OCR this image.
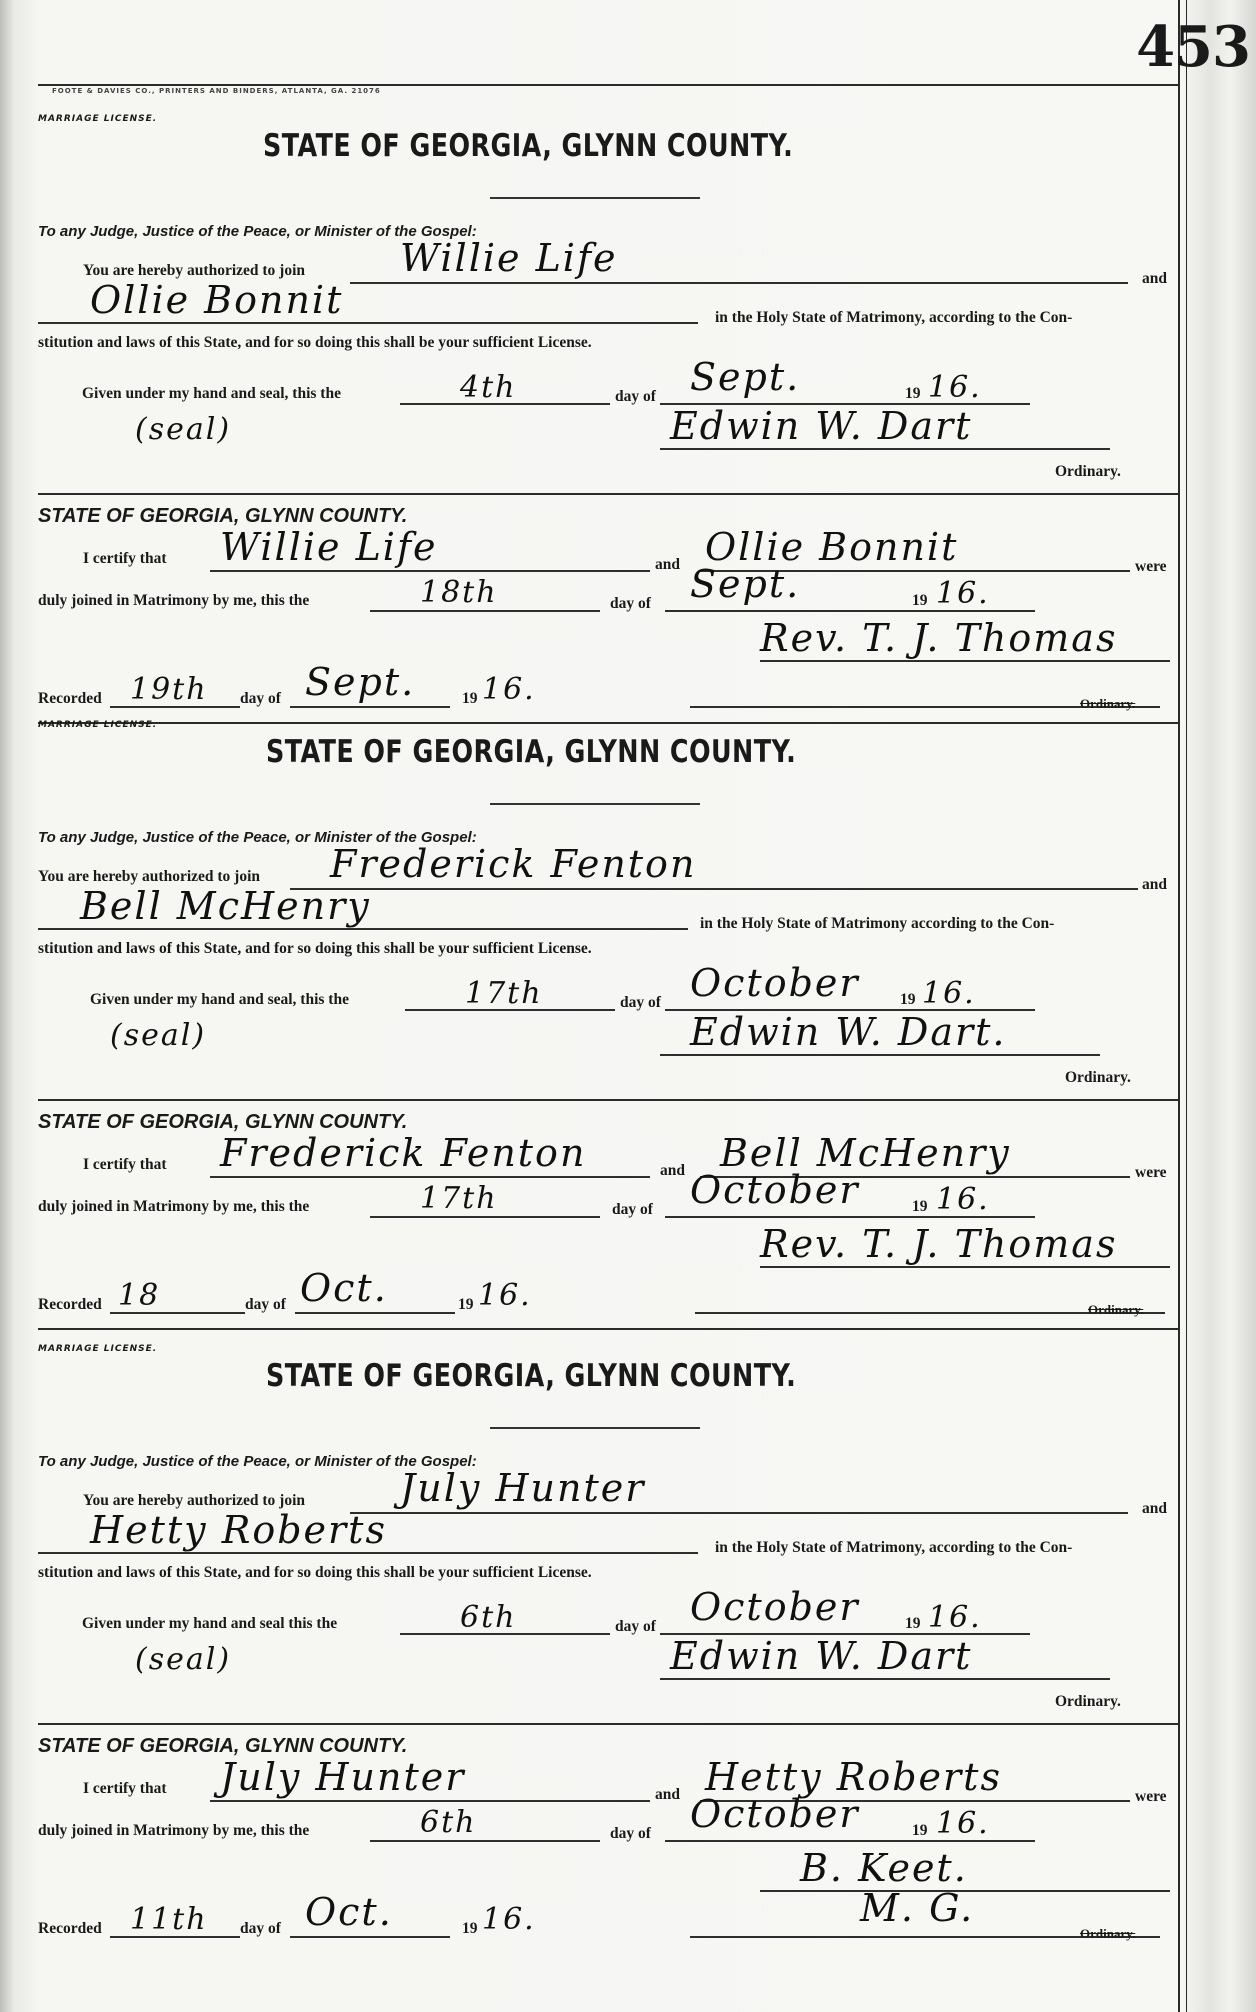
453
FOOTE & DAVIES CO., PRINTERS AND BINDERS, ATLANTA, GA. 21076
MARRIAGE LICENSE.
STATE OF GEORGIA, GLYNN COUNTY.
To any Judge, Justice of the Peace, or Minister of the Gospel:
You are hereby authorized to join Willie Life	and
Ollie Bonnit	in the Holy State of Matrimony, according to the Con-
stitution and laws of this State, and for so doing this shall be your sufficient License.
Given under my hand and seal, this the	4th	day of Sept.	19 16.
(seal)	Edwin W. Dart
Ordinary.
STATE OF GEORGIA, GLYNN COUNTY.
I certify that Willie Life	and Ollie Bonnit	were
duly joined in Matrimony by me, this the	18th	day of Sept.	19 16.
Rev. T. J. Thomas
Recorded 19th day of Sept.	19 16.	Ordinary.
MARRIAGE LICENSE.
STATE OF GEORGIA, GLYNN COUNTY.
To any Judge, Justice of the Peace, or Minister of the Gospel:
You are hereby authorized to join Frederick Fenton	and
Bell McHenry	in the Holy State of Matrimony according to the Con-
stitution and laws of this State, and for so doing this shall be your sufficient License.
Given under my hand and seal, this the	17th	day of October	19 16.
(seal)	Edwin W. Dart.
Ordinary.
STATE OF GEORGIA, GLYNN COUNTY.
I certify that Frederick Fenton	and Bell McHenry	were
duly joined in Matrimony by me, this the	17th	day of October	19 16.
Rev. T. J. Thomas
Recorded 18	day of Oct.	19 16.	Ordinary.
MARRIAGE LICENSE.
STATE OF GEORGIA, GLYNN COUNTY.
To any Judge, Justice of the Peace, or Minister of the Gospel:
You are hereby authorized to join July Hunter	and
Hetty Roberts	in the Holy State of Matrimony, according to the Con-
stitution and laws of this State, and for so doing this shall be your sufficient License.
Given under my hand and seal this the	6th	day of October	19 16.
(seal)	Edwin W. Dart
Ordinary.
STATE OF GEORGIA, GLYNN COUNTY.
I certify that July Hunter	and Hetty Roberts	were
duly joined in Matrimony by me, this the	6th	day of October	19 16.
B. Keet.
Recorded 11th day of Oct.	19 16.	M. G.
Ordinary.
